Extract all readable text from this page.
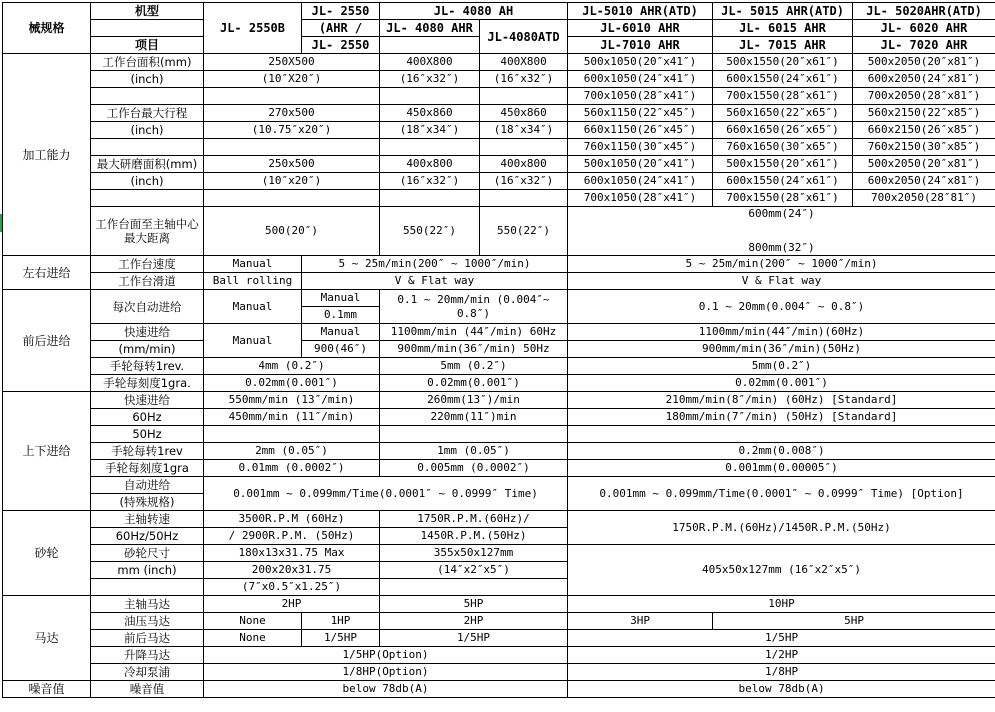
械规格	机型	JL- 2550B	JL- 2550	JL- 4080 AH		JL-5010 AHR(ATD)	JL- 5015 AHR(ATD)	JL- 5020AHR(ATD)
			(AHR /	JL- 4080 AHR	JL-4080ATD	JL-6010 AHR	JL- 6015 AHR	JL- 6020 AHR
	项目		JL- 2550			JL-7010 AHR	JL- 7015 AHR	JL- 7020 AHR
加工能力	工作台面积(mm)	250X500		400X800	400X800	500x1050(20″x41″)	500x1550(20″x61″)	500x2050(20″x81″)
	(inch)	(10″X20″)		(16″x32″)	(16″x32″)	600x1050(24″x41″)	600x1550(24″x61″)	600x2050(24″x81″)
						700x1050(28″x41″)	700x1550(28″x61″)	700x2050(28″x81″)
	工作台最大行程	270x500		450x860	450x860	560x1150(22″x45″)	560x1650(22″x65″)	560x2150(22″x85″)
	(inch)	(10.75″x20″)		(18″x34″)	(18″x34″)	660x1150(26″x45″)	660x1650(26″x65″)	660x2150(26″x85″)
						760x1150(30″x45″)	760x1650(30″x65″)	760x2150(30″x85″)
	最大研磨面积(mm)	250x500		400x800	400x800	500x1050(20″x41″)	500x1550(20″x61″)	500x2050(20″x81″)
	(inch)	(10″x20″)		(16″x32″)	(16″x32″)	600x1050(24″x41″)	600x1550(24″x61″)	600x2050(24″x81″)
						700x1050(28″x41″)	700x1550(28″x61″)	700x2050(28″81″)
	工作台面至主轴中心最大距离	500(20″)		550(22″)	550(22″)	600mm(24″)
800mm(32″)		

左右进给	工作台速度	Manual	5 ~ 25m/min(200″ ~ 1000″/min)			5 ~ 25m/min(200″ ~ 1000″/min)		
	工作台滑道	Ball rolling	V & Flat way			V & Flat way		
前后进给	每次自动进给	Manual	Manual	0.1 ~ 20mm/min (0.004″~ 0.8″)		0.1 ~ 20mm(0.004″ ~ 0.8″)		
			0.1mm					
	快速进给	Manual	Manual	1100mm/min (44″/min) 60Hz		1100mm/min(44″/min)(60Hz)		
	(mm/min)		900(46″)	900mm/min(36″/min) 50Hz		900mm/min(36″/min)(50Hz)		
	手轮每转1rev.	4mm (0.2″)		5mm (0.2″)		5mm(0.2″)		
	手轮每刻度1gra.	0.02mm(0.001″)		0.02mm(0.001″)		0.02mm(0.001″)		
上下进给	快速进给	550mm/min (13″/min)		260mm(13″)/min		210mm/min(8″/min) (60Hz) [Standard]		
	60Hz	450mm/min (11″/min)		220mm(11″)min		180mm/min(7″/min) (50Hz) [Standard]		
	50Hz							
	手轮每转1rev	2mm (0.05″)		1mm (0.05″)		0.2mm(0.008″)		
	手轮每刻度1gra	0.01mm (0.0002″)		0.005mm (0.0002″)		0.001mm(0.00005″)		
	自动进给	0.001mm ~ 0.099mm/Time(0.0001″ ~ 0.0999″ Time)				0.001mm ~ 0.099mm/Time(0.0001″ ~ 0.0999″ Time) [Option]		
	(特殊规格)							
砂轮	主轴转速	3500R.P.M (60Hz)		1750R.P.M.(60Hz)/		1750R.P.M.(60Hz)/1450R.P.M.(50Hz)		
	60Hz/50Hz	/ 2900R.P.M. (50Hz)		1450R.P.M.(50Hz)				
	砂轮尺寸	180x13x31.75 Max		355x50x127mm		405x50x127mm (16″x2″x5″)		
	mm (inch)	200x20x31.75		(14″x2″x5″)				
		(7″x0.5″x1.25″)						
马达	主轴马达	2HP		5HP		10HP		
	油压马达	None	1HP	2HP		3HP	5HP	
	前后马达	None	1/5HP	1/5HP		1/5HP		
	升降马达	1/5HP(Option)				1/2HP		
	冷却泵浦	1/8HP(Option)				1/8HP		
噪音值	噪音值	below 78db(A)				below 78db(A)		
